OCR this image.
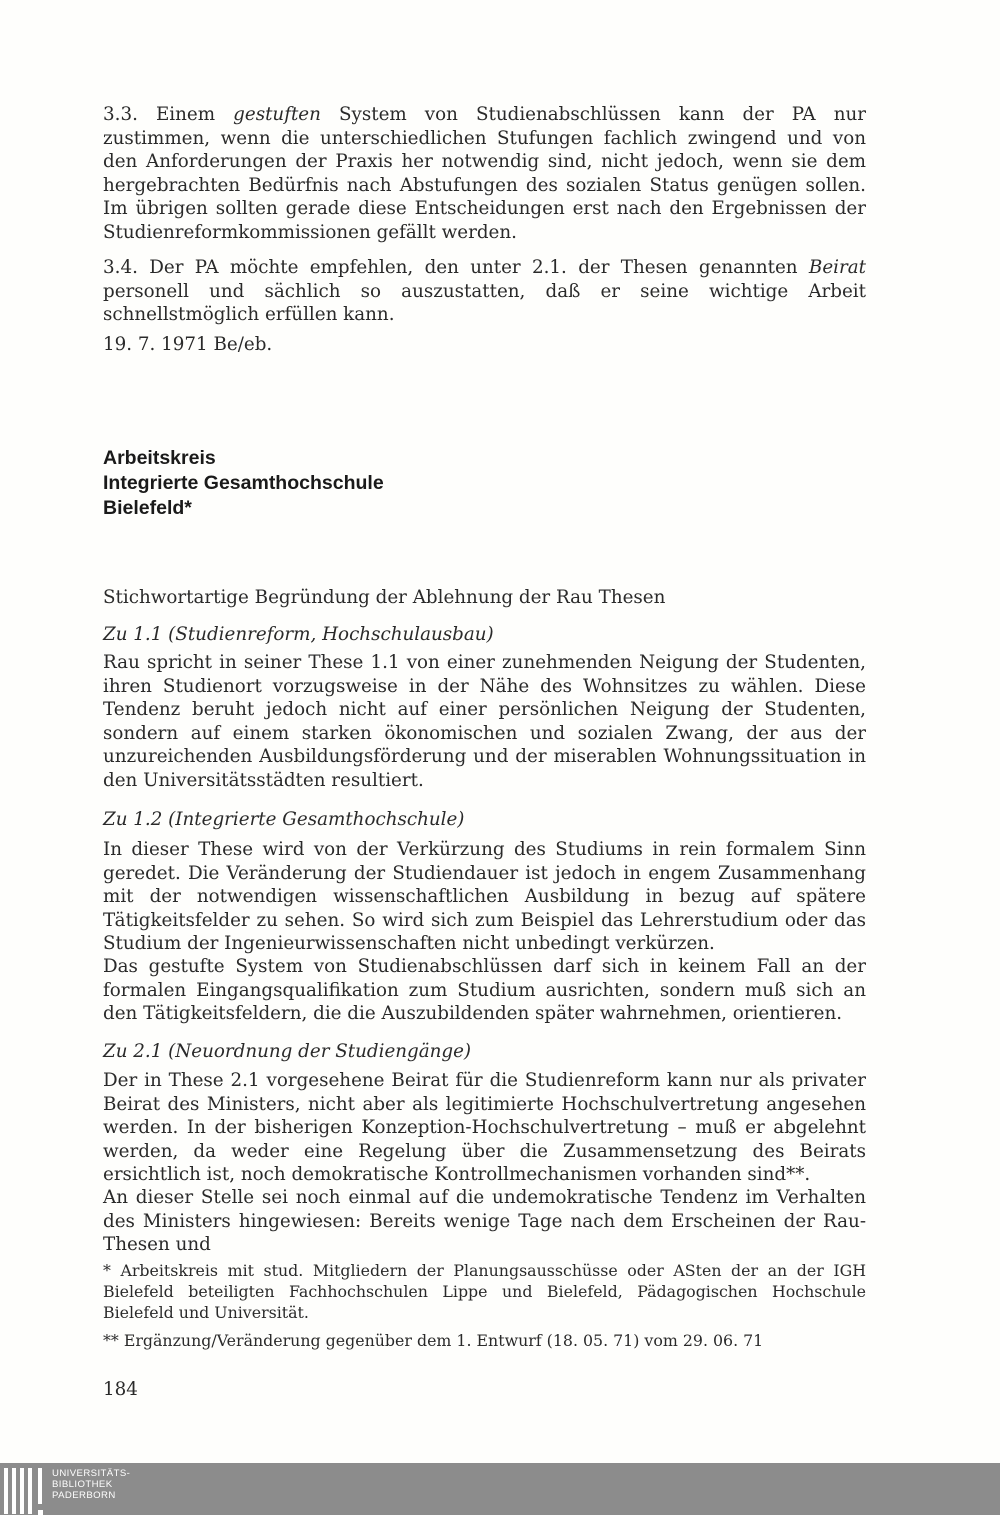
3.3. Einem gestuften System von Studienabschlüssen kann der PA nur zustimmen, wenn die unterschiedlichen Stufungen fachlich zwingend und von den Anforderungen der Praxis her notwendig sind, nicht jedoch, wenn sie dem hergebrachten Bedürfnis nach Abstufungen des sozialen Status genügen sollen. Im übrigen sollten gerade diese Entscheidungen erst nach den Ergebnissen der Studienreformkommissionen gefällt werden.

3.4. Der PA möchte empfehlen, den unter 2.1. der Thesen genannten Beirat personell und sächlich so auszustatten, daß er seine wichtige Arbeit schnellstmöglich erfüllen kann.

19. 7. 1971 Be/eb.

Arbeitskreis
Integrierte Gesamthochschule
Bielefeld*

Stichwortartige Begründung der Ablehnung der Rau Thesen

Zu 1.1 (Studienreform, Hochschulausbau)

Rau spricht in seiner These 1.1 von einer zunehmenden Neigung der Studenten, ihren Studienort vorzugsweise in der Nähe des Wohnsitzes zu wählen. Diese Tendenz beruht jedoch nicht auf einer persönlichen Neigung der Studenten, sondern auf einem starken ökonomischen und sozialen Zwang, der aus der unzureichenden Ausbildungsförderung und der miserablen Wohnungssituation in den Universitätsstädten resultiert.

Zu 1.2 (Integrierte Gesamthochschule)

In dieser These wird von der Verkürzung des Studiums in rein formalem Sinn geredet. Die Veränderung der Studiendauer ist jedoch in engem Zusammenhang mit der notwendigen wissenschaftlichen Ausbildung in bezug auf spätere Tätigkeitsfelder zu sehen. So wird sich zum Beispiel das Lehrerstudium oder das Studium der Ingenieurwissenschaften nicht unbedingt verkürzen.

Das gestufte System von Studienabschlüssen darf sich in keinem Fall an der formalen Eingangsqualifikation zum Studium ausrichten, sondern muß sich an den Tätigkeitsfeldern, die die Auszubildenden später wahrnehmen, orientieren.

Zu 2.1 (Neuordnung der Studiengänge)

Der in These 2.1 vorgesehene Beirat für die Studienreform kann nur als privater Beirat des Ministers, nicht aber als legitimierte Hochschulvertretung angesehen werden. In der bisherigen Konzeption-Hochschulvertretung – muß er abgelehnt werden, da weder eine Regelung über die Zusammensetzung des Beirats ersichtlich ist, noch demokratische Kontrollmechanismen vorhanden sind**.

An dieser Stelle sei noch einmal auf die undemokratische Tendenz im Verhalten des Ministers hingewiesen: Bereits wenige Tage nach dem Erscheinen der Rau-Thesen und

* Arbeitskreis mit stud. Mitgliedern der Planungsausschüsse oder ASten der an der IGH Bielefeld beteiligten Fachhochschulen Lippe und Bielefeld, Pädagogischen Hochschule Bielefeld und Universität.

** Ergänzung/Veränderung gegenüber dem 1. Entwurf (18. 05. 71) vom 29. 06. 71

184
UNIVERSITÄTS-
BIBLIOTHEK
PADERBORN
